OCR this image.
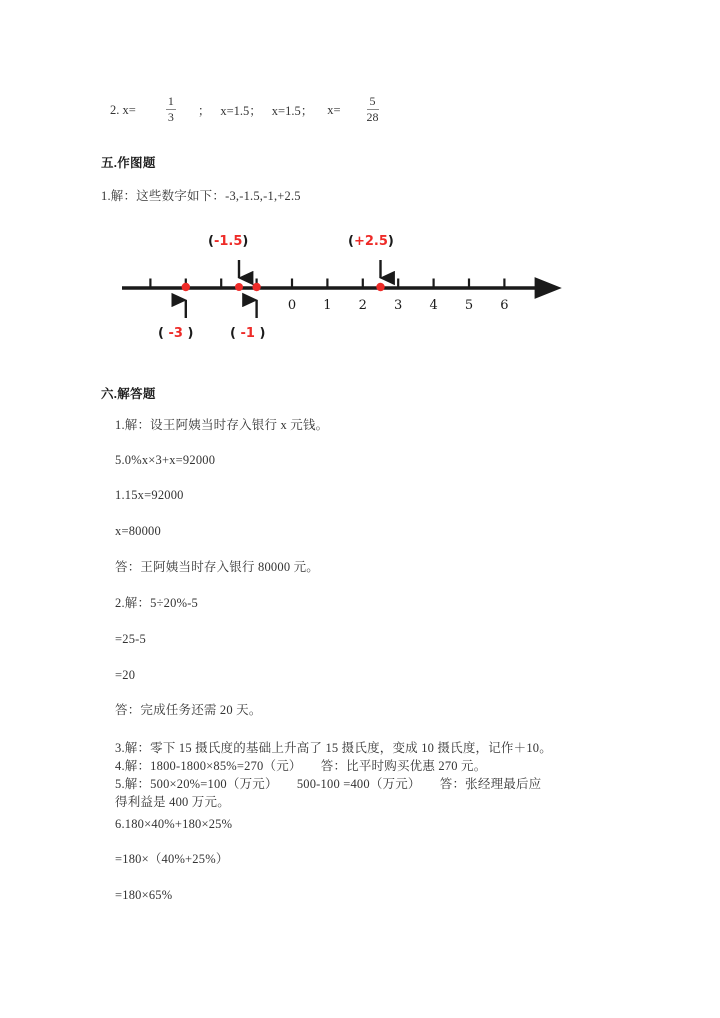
2. x=	$\frac{1}{3}$ ； x=1.5； x=1.5； $x= \frac{5}{28}$
五.作图题
1.解：这些数字如下：-3,-1.5,-1,+2.5
0 1 2 3 4 5 6
(-1.5)	(+2.5)
( -3 )	( -1 )
六.解答题
1.解：设王阿姨当时存入银行 x 元钱。
5.0%x×3+x=92000
1.15x=92000
x=80000
答：王阿姨当时存入银行 80000 元。
2.解：5÷20%-5
=25-5
=20
答：完成任务还需 20 天。
3.解：零下 15 摄氏度的基础上升高了 15 摄氏度，变成 10 摄氏度，记作＋10。
4.解：1800-1800×85%=270（元）　　答：比平时购买优惠 270 元。
5.解：500×20%=100（万元）　　500-100 =400（万元）　　答：张经理最后应
得利益是 400 万元。
6.180×40%+180×25%
=180×（40%+25%）
=180×65%
